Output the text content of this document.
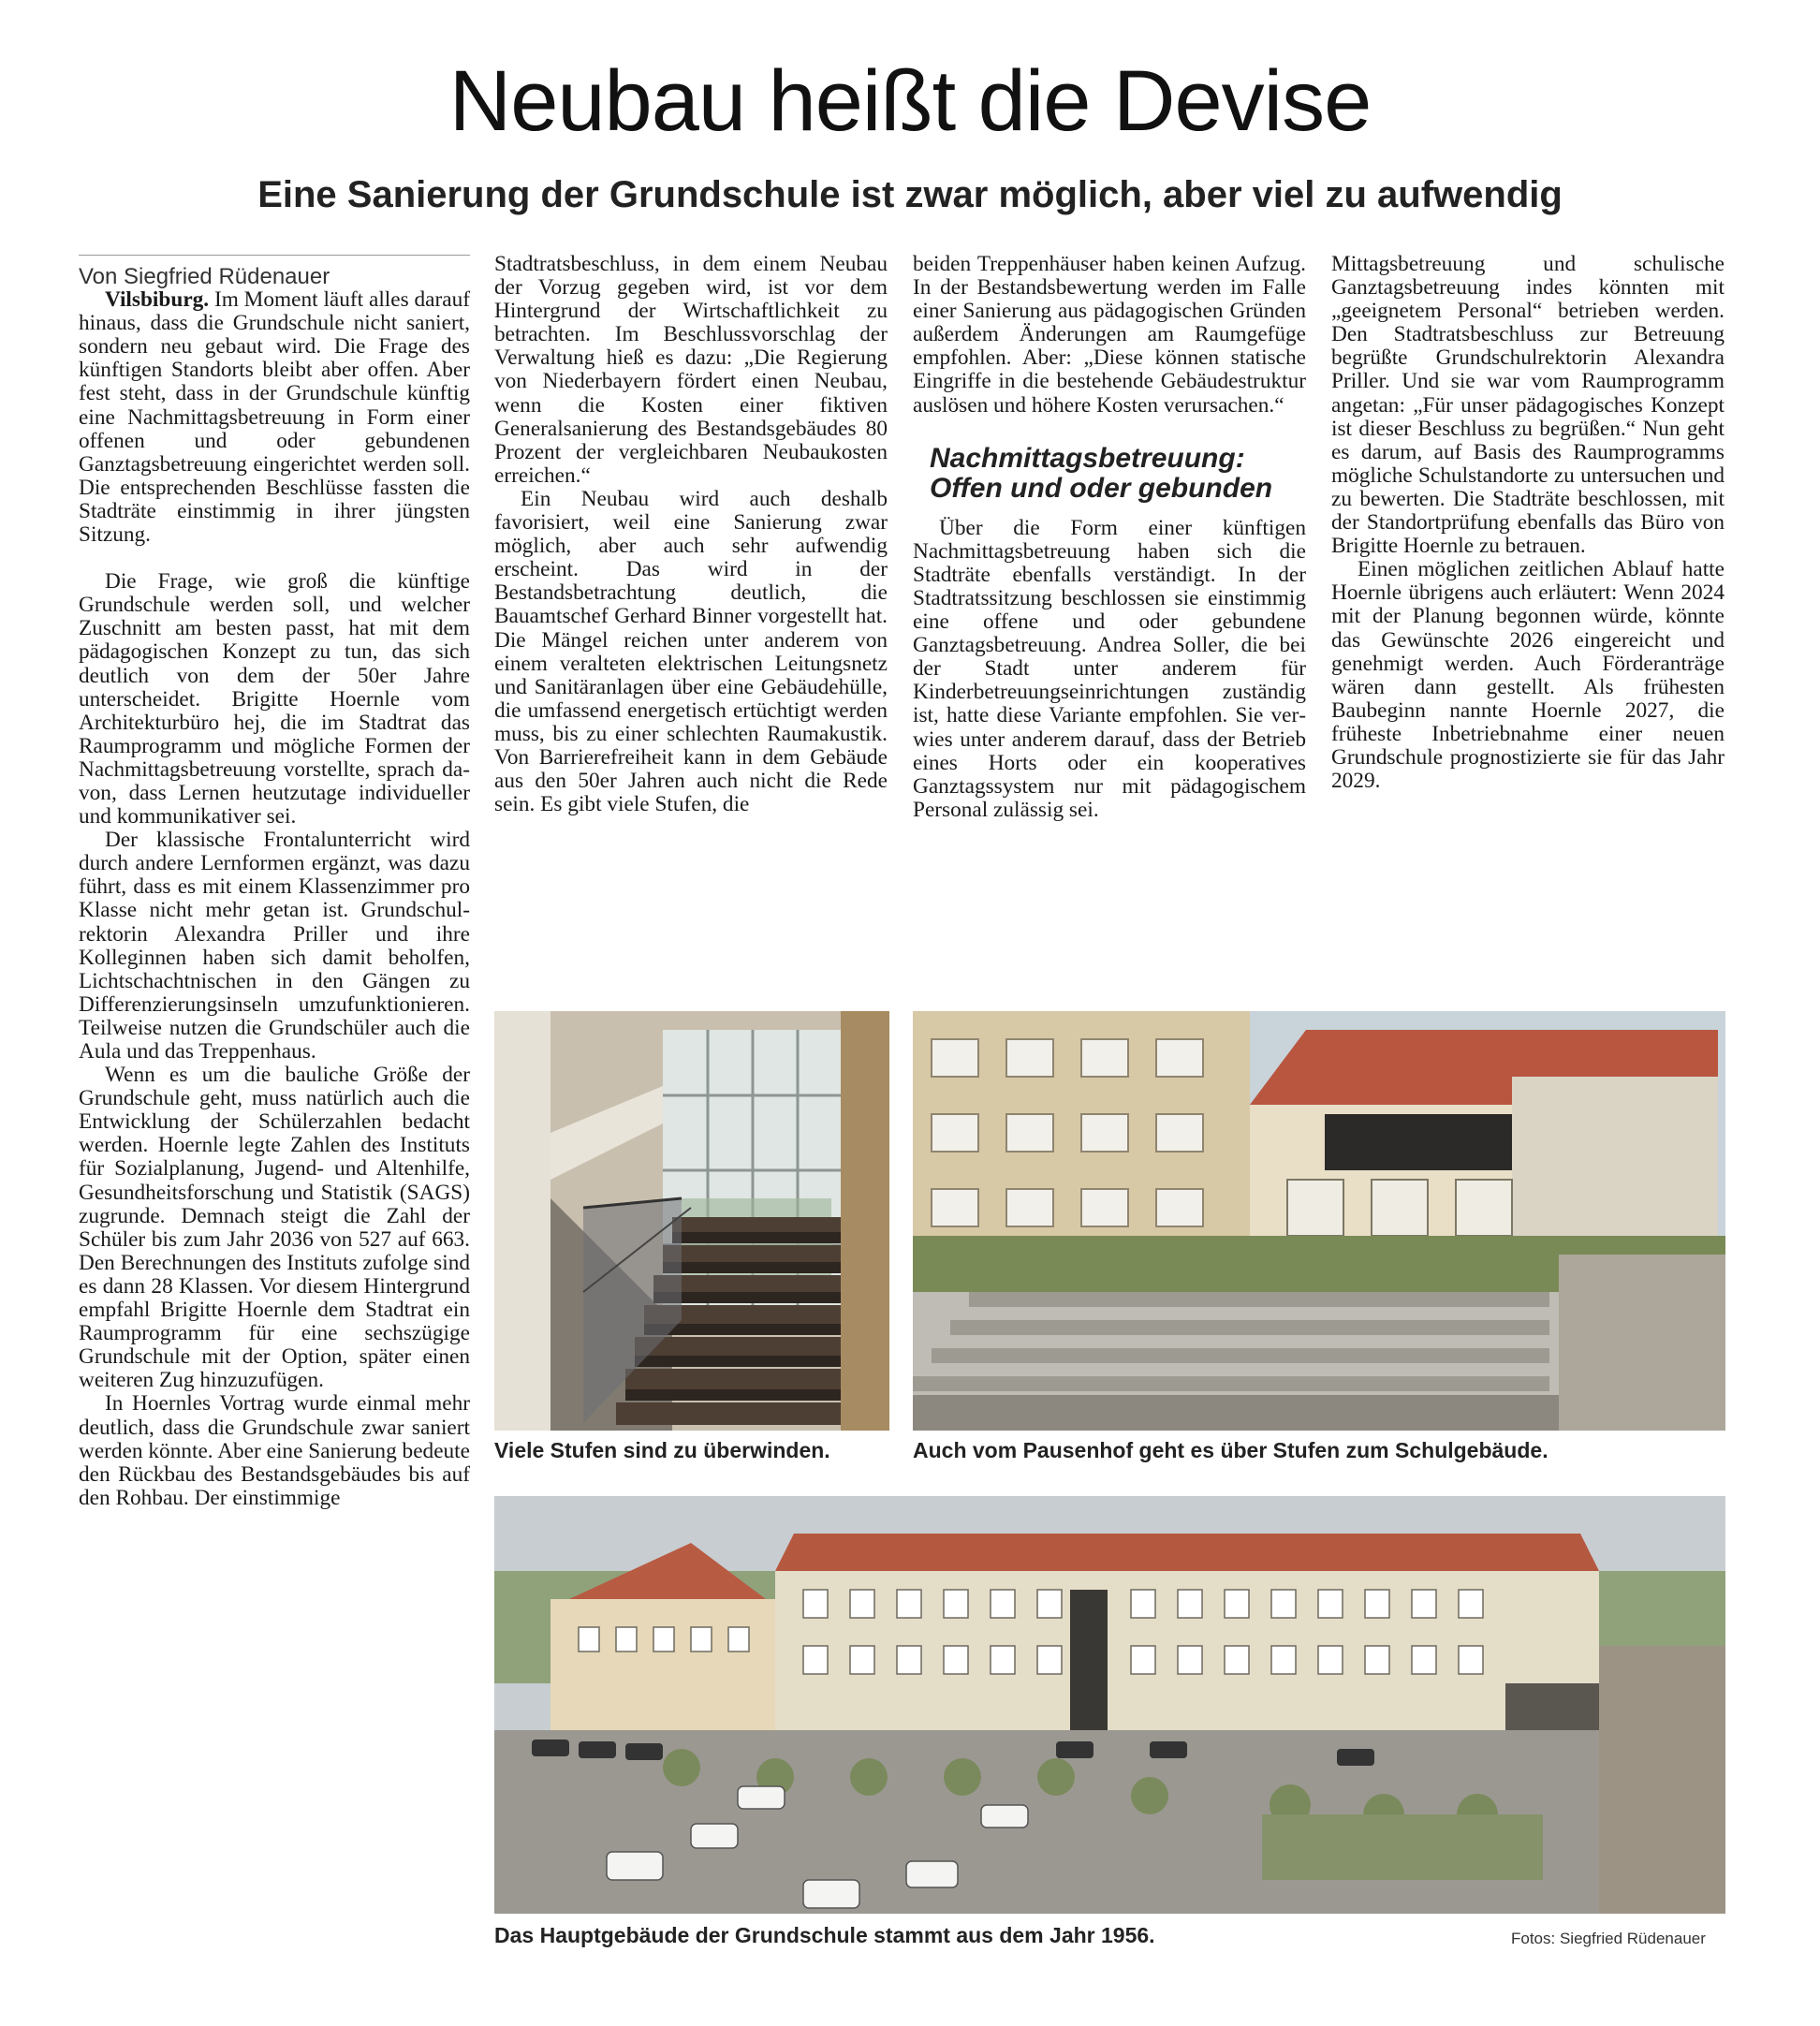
Neubau heißt die Devise
Eine Sanierung der Grundschule ist zwar möglich, aber viel zu aufwendig

Von Siegfried Rüdenauer

Vilsbiburg. Im Moment läuft alles darauf hinaus, dass die Grundschule nicht saniert, sondern neu gebaut wird. Die Frage des künftigen Standorts bleibt aber offen. Aber fest steht, dass in der Grundschule künftig eine Nachmittagsbetreuung in Form einer offenen und oder gebundenen Ganztagsbetreuung eingerichtet werden soll. Die entsprechenden Beschlüsse fassten die Stadträte einstimmig in ihrer jüngsten Sitzung.

Die Frage, wie groß die künftige Grundschule werden soll, und welcher Zuschnitt am besten passt, hat mit dem pädagogischen Konzept zu tun, das sich deutlich von dem der 50er Jahre unterscheidet. Brigitte Hoernle vom Architekturbüro hej, die im Stadtrat das Raumprogramm und mögliche Formen der Nachmittagsbetreuung vorstellte, sprach davon, dass Lernen heutzutage individueller und kommunikativer sei.

Der klassische Frontalunterricht wird durch andere Lernformen ergänzt, was dazu führt, dass es mit einem Klassenzimmer pro Klasse nicht mehr getan ist. Grundschulrektorin Alexandra Priller und ihre Kolleginnen haben sich damit beholfen, Lichtschachtnischen in den Gängen zu Differenzierungsinseln umzufunktionieren. Teilweise nutzen die Grundschüler auch die Aula und das Treppenhaus.

Wenn es um die bauliche Größe der Grundschule geht, muss natürlich auch die Entwicklung der Schülerzahlen bedacht werden. Hoernle legte Zahlen des Instituts für Sozialplanung, Jugend- und Altenhilfe, Gesundheitsforschung und Statistik (SAGS) zugrunde. Demnach steigt die Zahl der Schüler bis zum Jahr 2036 von 527 auf 663. Den Berechnungen des Instituts zufolge sind es dann 28 Klassen. Vor diesem Hintergrund empfahl Brigitte Hoernle dem Stadtrat ein Raumprogramm für eine sechszügige Grundschule mit der Option, später einen weiteren Zug hinzuzufügen.

In Hoernles Vortrag wurde einmal mehr deutlich, dass die Grundschule zwar saniert werden könnte. Aber eine Sanierung bedeute den Rückbau des Bestandsgebäudes bis auf den Rohbau. Der einstimmige

Stadtratsbeschluss, in dem einem Neubau der Vorzug gegeben wird, ist vor dem Hintergrund der Wirtschaftlichkeit zu betrachten. Im Beschlussvorschlag der Verwaltung hieß es dazu: „Die Regierung von Niederbayern fördert einen Neubau, wenn die Kosten einer fiktiven Generalsanierung des Bestandsgebäudes 80 Prozent der vergleichbaren Neubaukosten erreichen.“

Ein Neubau wird auch deshalb favorisiert, weil eine Sanierung zwar möglich, aber auch sehr aufwendig erscheint. Das wird in der Bestandsbetrachtung deutlich, die Bauamtschef Gerhard Binner vorgestellt hat. Die Mängel reichen unter anderem von einem veralteten elektrischen Leitungsnetz und Sanitäranlagen über eine Gebäudehülle, die umfassend energetisch ertüchtigt werden muss, bis zu einer schlechten Raumakustik. Von Barrierefreiheit kann in dem Gebäude aus den 50er Jahren auch nicht die Rede sein. Es gibt viele Stufen, die

beiden Treppenhäuser haben keinen Aufzug. In der Bestandsbewertung werden im Falle einer Sanierung aus pädagogischen Gründen außerdem Änderungen am Raumgefüge empfohlen. Aber: „Diese können statische Eingriffe in die bestehende Gebäudestruktur auslösen und höhere Kosten verursachen.“

Nachmittagsbetreuung:
Offen und oder gebunden

Über die Form einer künftigen Nachmittagsbetreuung haben sich die Stadträte ebenfalls verständigt. In der Stadtratssitzung beschlossen sie einstimmig eine offene und oder gebundene Ganztagsbetreuung. Andrea Soller, die bei der Stadt unter anderem für Kinderbetreuungseinrichtungen zuständig ist, hatte diese Variante empfohlen. Sie verwies unter anderem darauf, dass der Betrieb eines Horts oder ein kooperatives Ganztagssystem nur mit pädagogischem Personal zulässig sei.

Mittagsbetreuung und schulische Ganztagsbetreuung indes könnten mit „geeignetem Personal“ betrieben werden. Den Stadtratsbeschluss zur Betreuung begrüßte Grundschulrektorin Alexandra Priller. Und sie war vom Raumprogramm angetan: „Für unser pädagogisches Konzept ist dieser Beschluss zu begrüßen.“ Nun geht es darum, auf Basis des Raumprogramms mögliche Schulstandorte zu untersuchen und zu bewerten. Die Stadträte beschlossen, mit der Standortprüfung ebenfalls das Büro von Brigitte Hoernle zu betrauen.

Einen möglichen zeitlichen Ablauf hatte Hoernle übrigens auch erläutert: Wenn 2024 mit der Planung begonnen würde, könnte das Gewünschte 2026 eingereicht und genehmigt werden. Auch Förderanträge wären dann gestellt. Als frühesten Baubeginn nannte Hoernle 2027, die früheste Inbetriebnahme einer neuen Grundschule prognostizierte sie für das Jahr 2029.

Viele Stufen sind zu überwinden.	Auch vom Pausenhof geht es über Stufen zum Schulgebäude.
Das Hauptgebäude der Grundschule stammt aus dem Jahr 1956.	Fotos: Siegfried Rüdenauer
